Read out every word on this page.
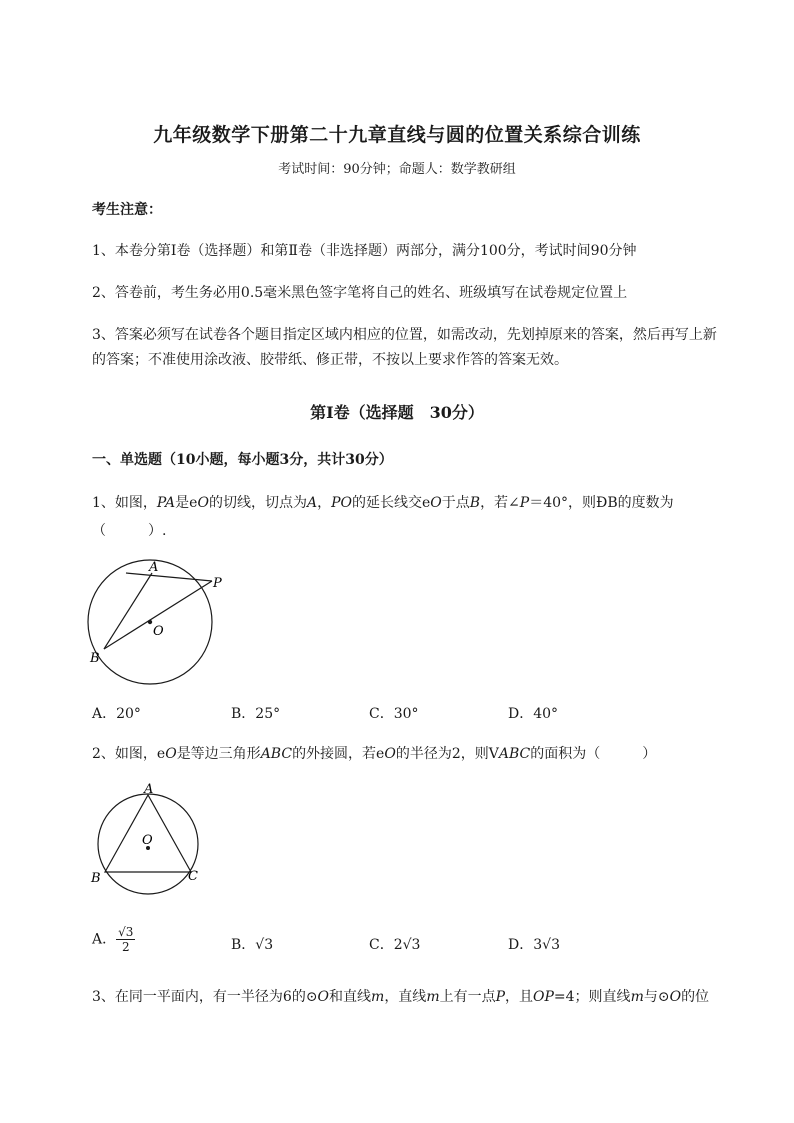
九年级数学下册第二十九章直线与圆的位置关系综合训练
考试时间：90分钟；命题人：数学教研组
考生注意：
1、本卷分第I卷（选择题）和第Ⅱ卷（非选择题）两部分，满分100分，考试时间90分钟
2、答卷前，考生务必用0.5毫米黑色签字笔将自己的姓名、班级填写在试卷规定位置上
3、答案必须写在试卷各个题目指定区域内相应的位置，如需改动，先划掉原来的答案，然后再写上新
的答案；不准使用涂改液、胶带纸、修正带，不按以上要求作答的答案无效。
第I卷（选择题　30分）
一、单选题（10小题，每小题3分，共计30分）
1、如图，PA是eO的切线，切点为A，PO的延长线交eO于点B，若∠P＝40°，则ÐB的度数为
（　　　）.
A
P
O
B
A．20°	B．25°	C．30°	D．40°
2、如图，eO是等边三角形ABC的外接圆，若eO的半径为2，则VABC的面积为（　　　）
A
O
B	C
A． $\frac{√3}{2}$	B．√3	C．2√3	D．3√3
3、在同一平面内，有一半径为6的⊙O和直线m，直线m上有一点P，且OP=4；则直线m与⊙O的位
